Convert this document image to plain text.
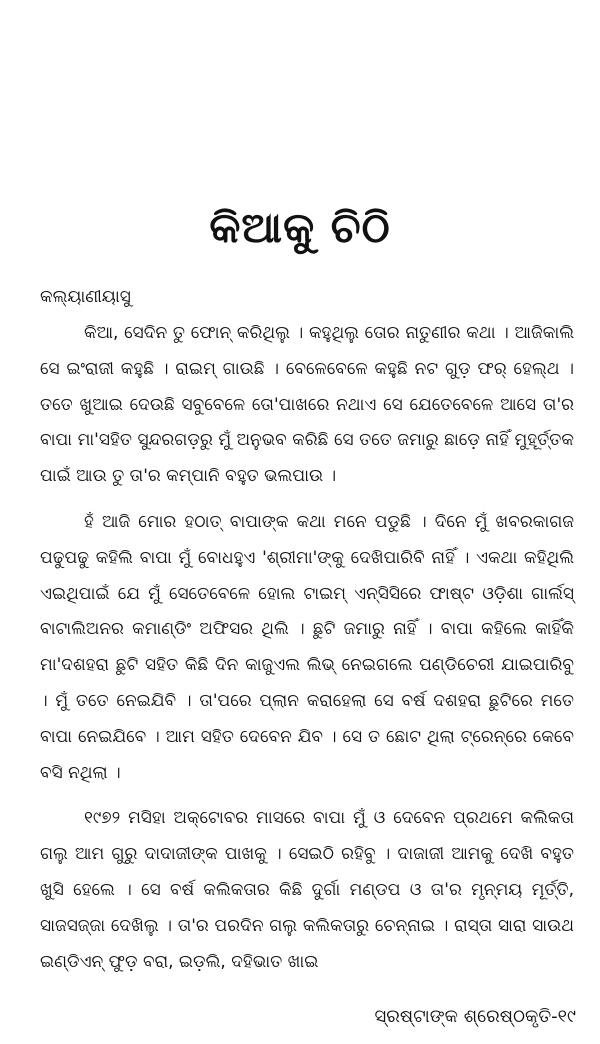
କିଆକୁ ଚିଠି
କଲ୍ୟାଣୀୟାସୁ

କିଆ, ସେଦିନ ତୁ ଫୋନ୍ କରିଥିଲୁ । କହୁଥିଲୁ ତୋର ନାତୁଣୀର କଥା । ଆଜିକାଲି ସେ ଇଂରାଜୀ କହୁଛି । ରାଇମ୍ ଗାଉଛି । ବେଳେବେଳେ କହୁଛି ନଟ ଗୁଡ଼ ଫର୍ ହେଲ୍‌ଥ । ତତେ ଖୁଆଇ ଦେଉଛି ସବୁବେଳେ ତୋ'ପାଖରେ ନଥାଏ ସେ ଯେତେବେଳେ ଆସେ ତା'ର ବାପା ମା'ସହିତ ସୁନ୍ଦରଗଡ଼ରୁ ମୁଁ ଅନୁଭବ କରିଛି ସେ ତତେ ଜମାରୁ ଛାଡ଼େ ନାହିଁ ମୁହୂର୍ତ୍ତକ ପାଇଁ ଆଉ ତୁ ତା'ର କମ୍ପାନି ବହୁତ ଭଲପାଉ ।

ହଁ ଆଜି ମୋର ହଠାତ୍ ବାପାଙ୍କ କଥା ମନେ ପଡୁଛି । ଦିନେ ମୁଁ ଖବରକାଗଜ ପଢୁପଢୁ କହିଲି ବାପା ମୁଁ ବୋଧହୁଏ 'ଶ୍ରୀମା'ଙ୍କୁ ଦେଖିପାରିବି ନାହିଁ । ଏକଥା କହିଥିଲି ଏଇଥିପାଇଁ ଯେ ମୁଁ ସେତେବେଳେ ହୋଲ ଟାଇମ୍ ଏନ୍‌ସିସିରେ ଫାଷ୍ଟ ଓଡ଼ିଶା ଗାର୍ଲସ୍ ବାଟାଲିଅନର କମାଣ୍ଡିଂ ଅଫିସର ଥିଲି । ଛୁଟି ଜମାରୁ ନାହିଁ । ବାପା କହିଲେ କାହିଁକି ମା'ଦଶହରା ଛୁଟି ସହିତ କିଛି ଦିନ କାଜୁଏଲ ଲିଭ୍ ନେଇଗଲେ ପଣ୍ଡିଚେରୀ ଯାଇପାରିବୁ । ମୁଁ ତତେ ନେଇଯିବି । ତା'ପରେ ପ୍ଲାନ କରାହେଲା ସେ ବର୍ଷ ଦଶହରା ଛୁଟିରେ ମତେ ବାପା ନେଇଯିବେ । ଆମ ସହିତ ଦେବେନ ଯିବ । ସେ ତ ଛୋଟ ଥିଲା ଟ୍ରେନ୍‌ରେ କେବେ ବସି ନଥିଲା ।

୧୯୭୨ ମସିହା ଅକ୍ଟୋବର ମାସରେ ବାପା ମୁଁ ଓ ଦେବେନ ପ୍ରଥମେ କଲିକତା ଗଲୁ ଆମ ଗୁରୁ ଦାଦାଜୀଙ୍କ ପାଖକୁ । ସେଇଠି ରହିବୁ । ଦାଜାଜୀ ଆମକୁ ଦେଖି ବହୁତ ଖୁସି ହେଲେ । ସେ ବର୍ଷ କଲିକତାର କିଛି ଦୁର୍ଗା ମଣ୍ଡପ ଓ ତା'ର ମୃନ୍ମୟ ମୂର୍ତ୍ତି, ସାଜସଜ୍ଜା ଦେଖିଲୁ । ତା'ର ପରଦିନ ଗଲୁ କଲିକତାରୁ ଚେନ୍ନାଇ । ରାସ୍ତା ସାରା ସାଉଥ ଇଣ୍ଡିଏନ୍ ଫୁଡ଼ ବରା, ଇଡ଼ଲି, ଦହିଭାତ ଖାଇ

ସ୍ରଷ୍ଟାଙ୍କ ଶ୍ରେଷ୍ଠକୃତି-୧୯
